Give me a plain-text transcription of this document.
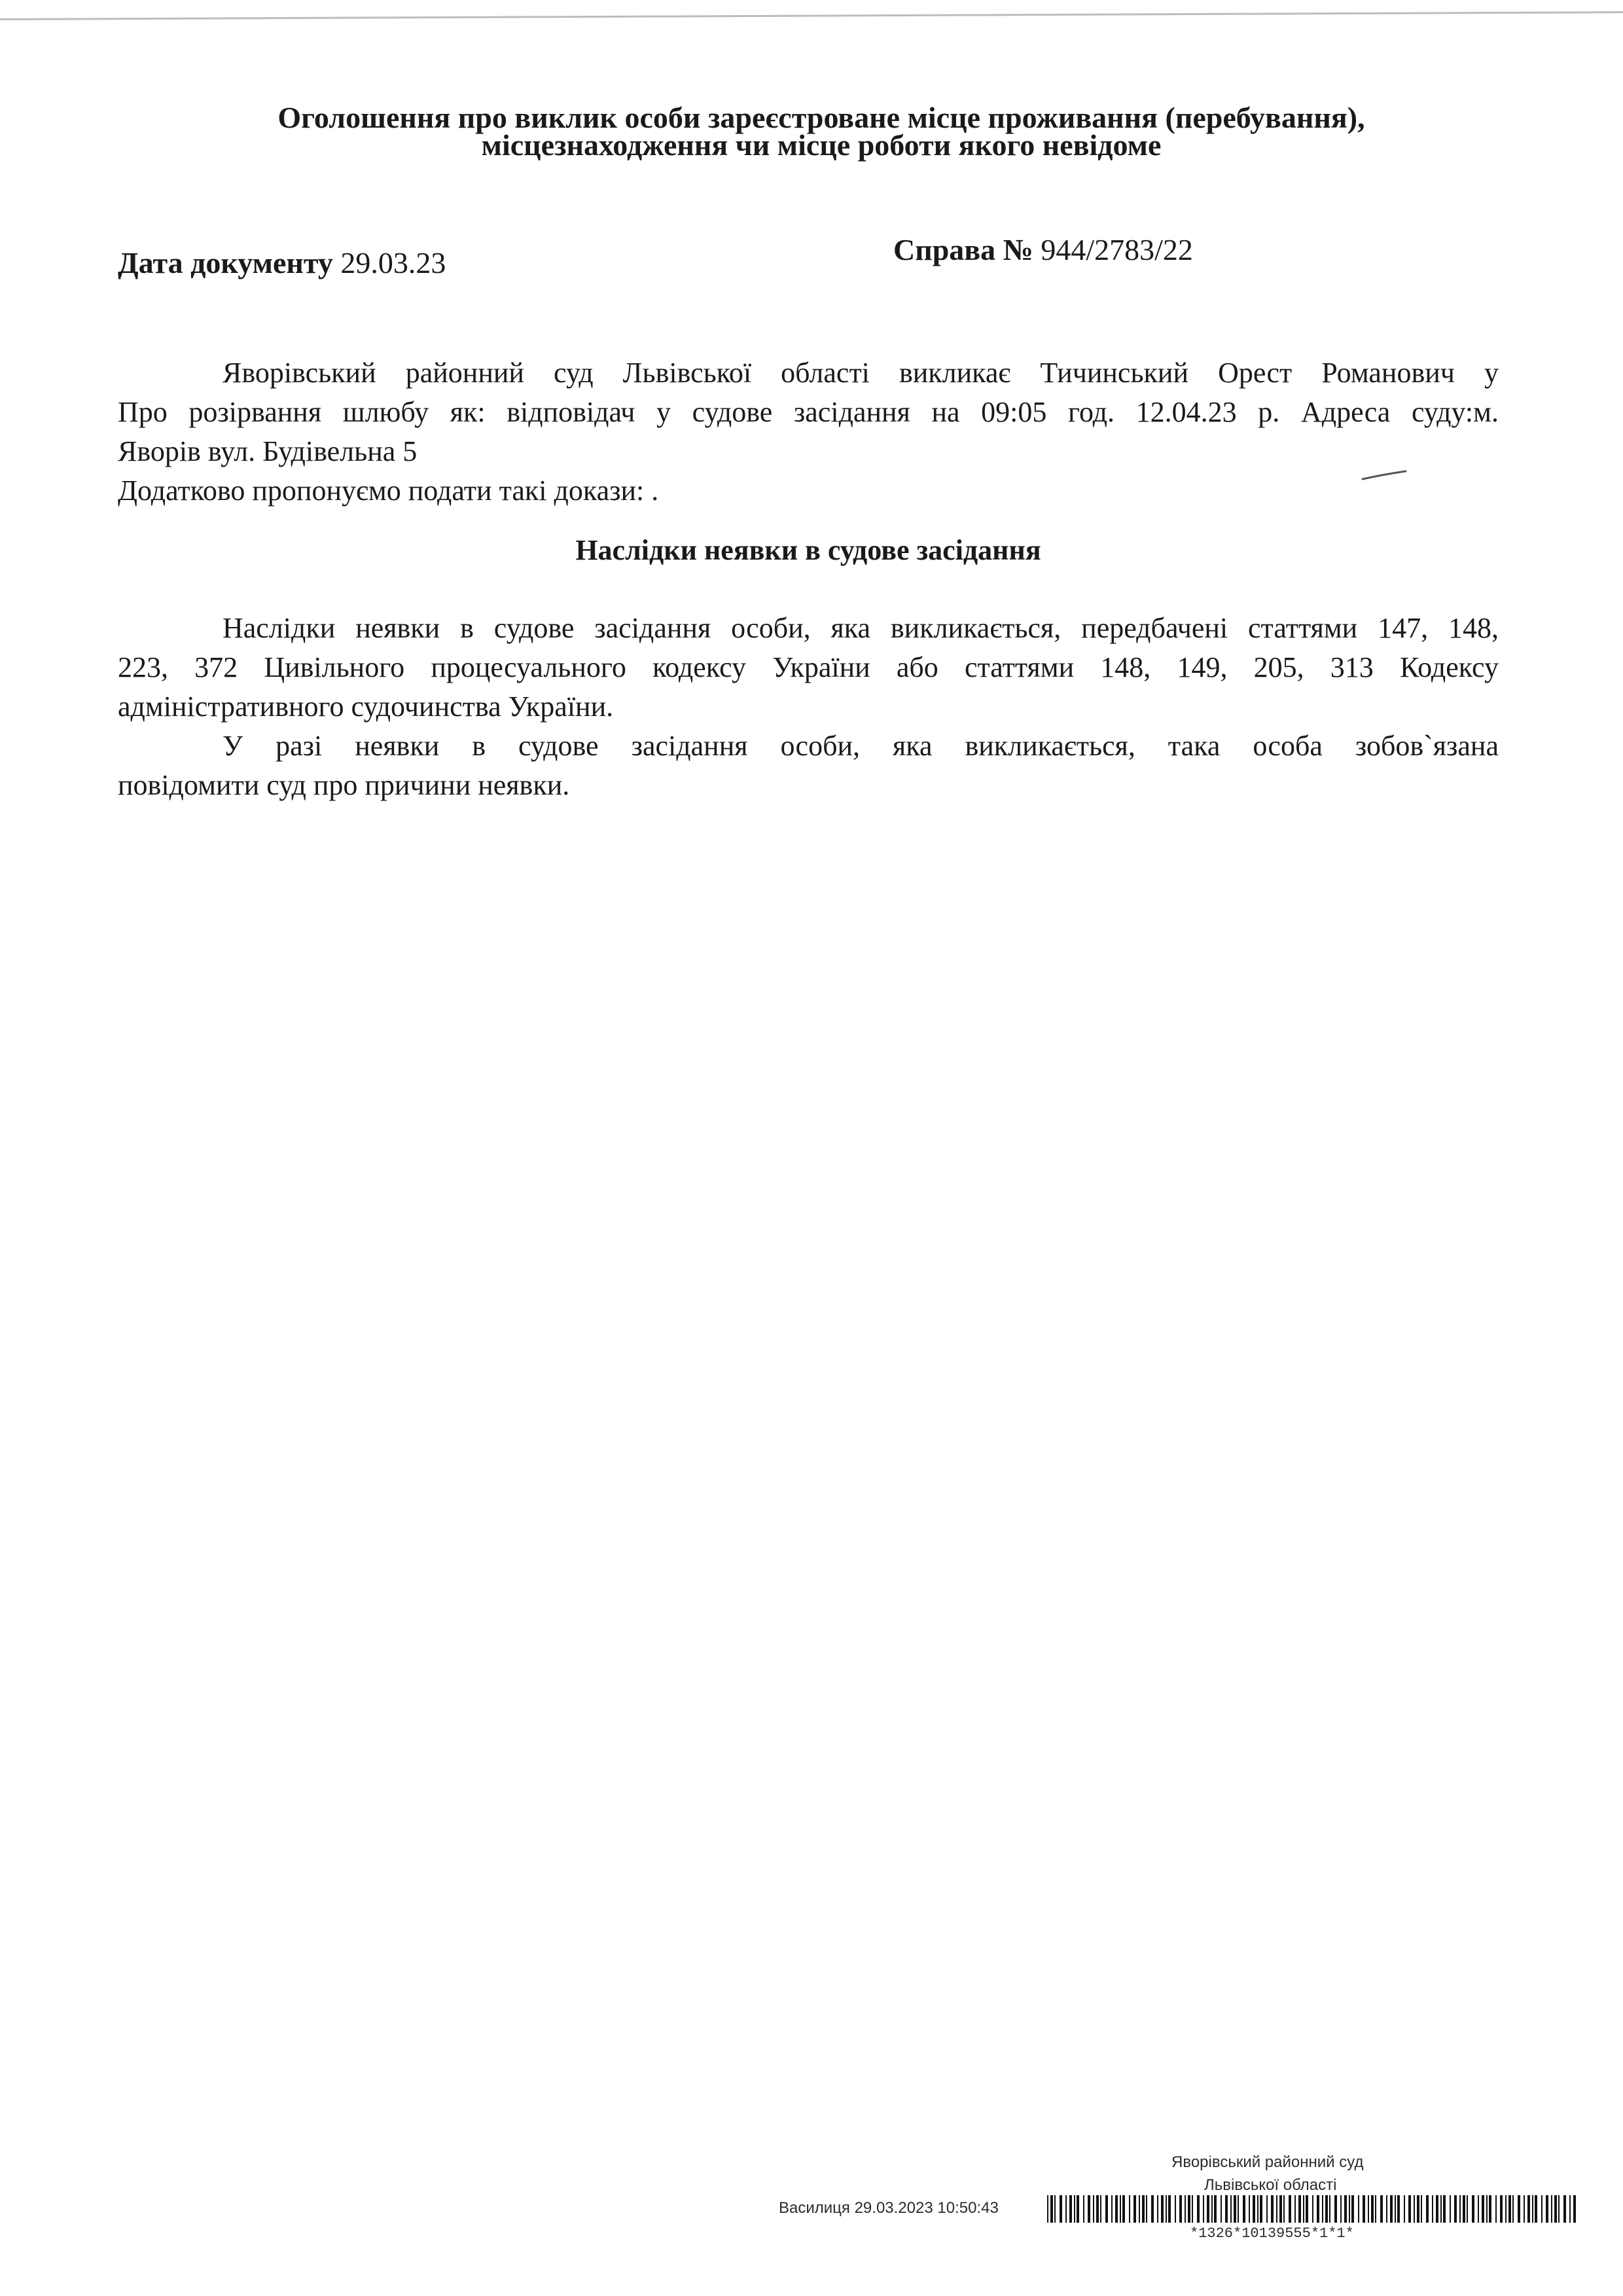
Оголошення про виклик особи зареєстроване місце проживання (перебування),
місцезнаходження чи місце роботи якого невідоме
Дата документу 29.03.23	Справа № 944/2783/22
Яворівський районний суд Львівської області викликає Тичинський Орест Романович у
Про розірвання шлюбу як: відповідач у судове засідання на 09:05 год. 12.04.23 р. Адреса суду:м.
Яворів вул. Будівельна 5
Додатково пропонуємо подати такі докази: .
Наслідки неявки в судове засідання
Наслідки неявки в судове засідання особи, яка викликається, передбачені статтями 147, 148,
223, 372 Цивільного процесуального кодексу України або статтями 148, 149, 205, 313 Кодексу
адміністративного судочинства України.
У разі неявки в судове засідання особи, яка викликається, така особа зобов`язана
повідомити суд про причини неявки.
Яворівський районний суд
Львівської області
Василиця 29.03.2023 10:50:43
*1326*10139555*1*1*
